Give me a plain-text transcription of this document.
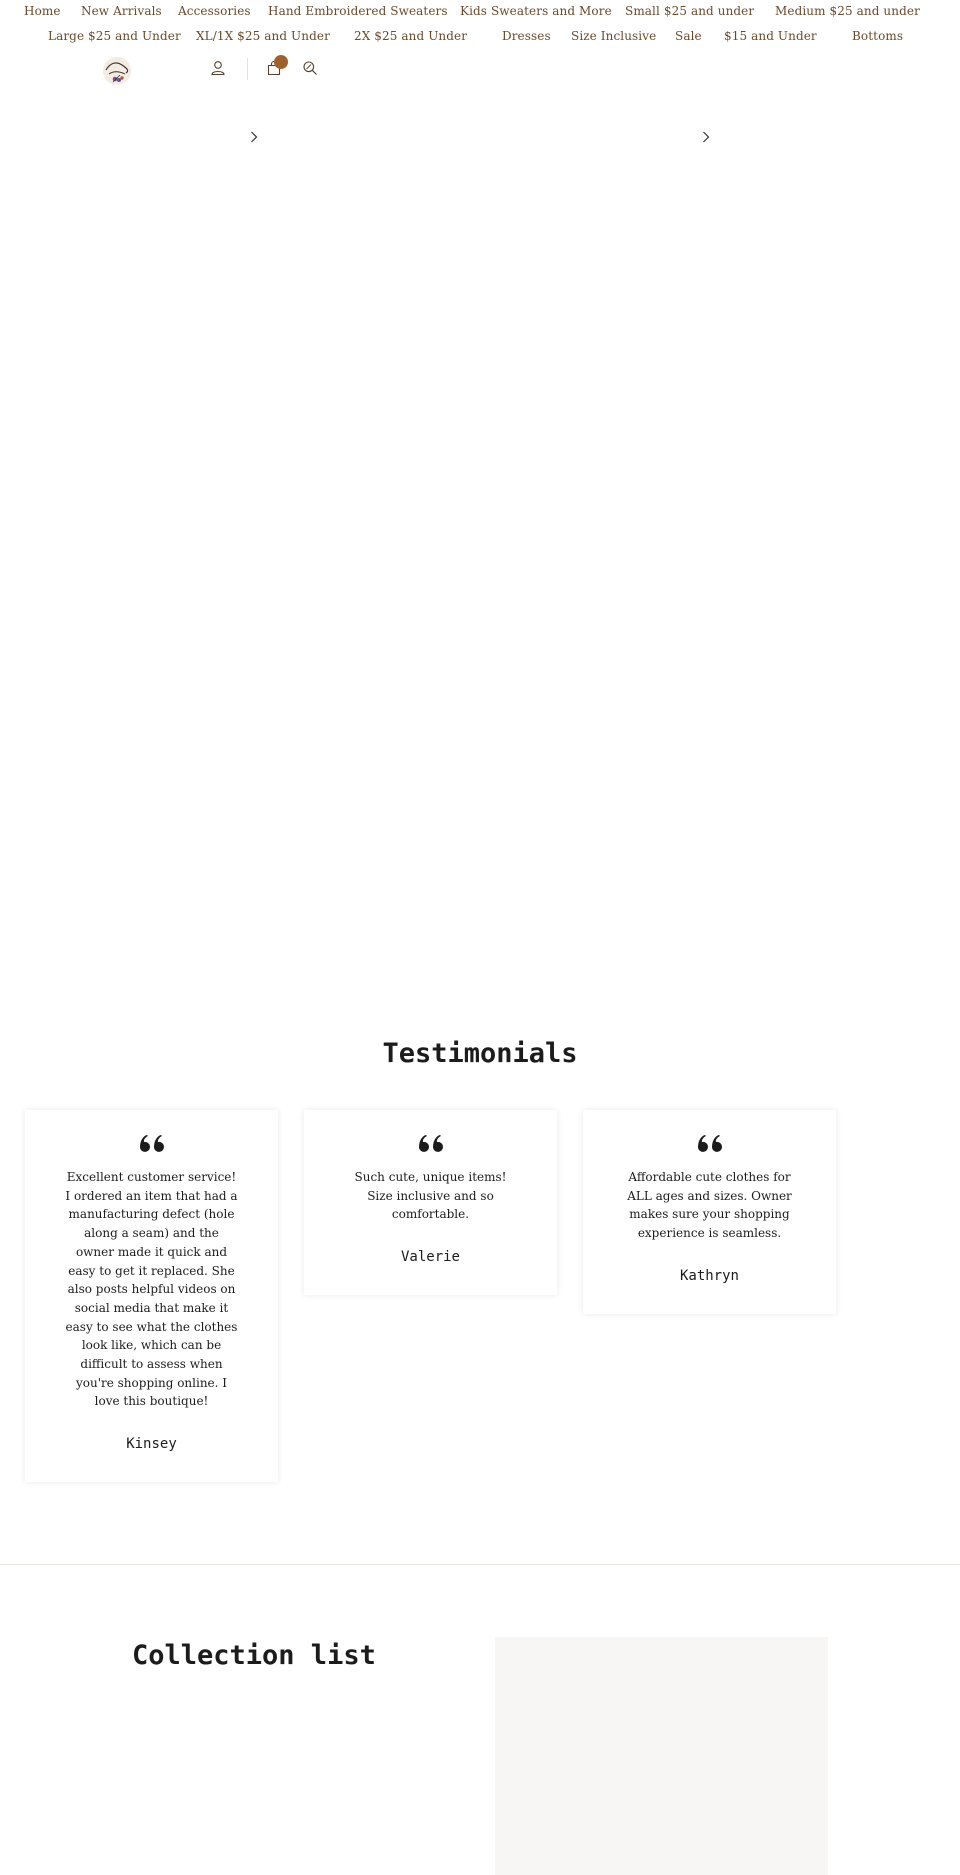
Home New Arrivals Accessories Hand Embroidered Sweaters Kids Sweaters and More Small $25 and under Medium $25 and under
Large $25 and Under XL/1X $25 and Under 2X $25 and Under	Dresses Size Inclusive Sale $15 and Under	Bottoms
Testimonials

Excellent customer service! I ordered an item that had a manufacturing defect (hole along a seam) and the owner made it quick and easy to get it replaced. She also posts helpful videos on social media that make it easy to see what the clothes look like, which can be difficult to assess when you're shopping online. I love this boutique!

Kinsey

Such cute, unique items! Size inclusive and so comfortable.

Valerie

Affordable cute clothes for ALL ages and sizes. Owner makes sure your shopping experience is seamless.

Kathryn

Collection list
